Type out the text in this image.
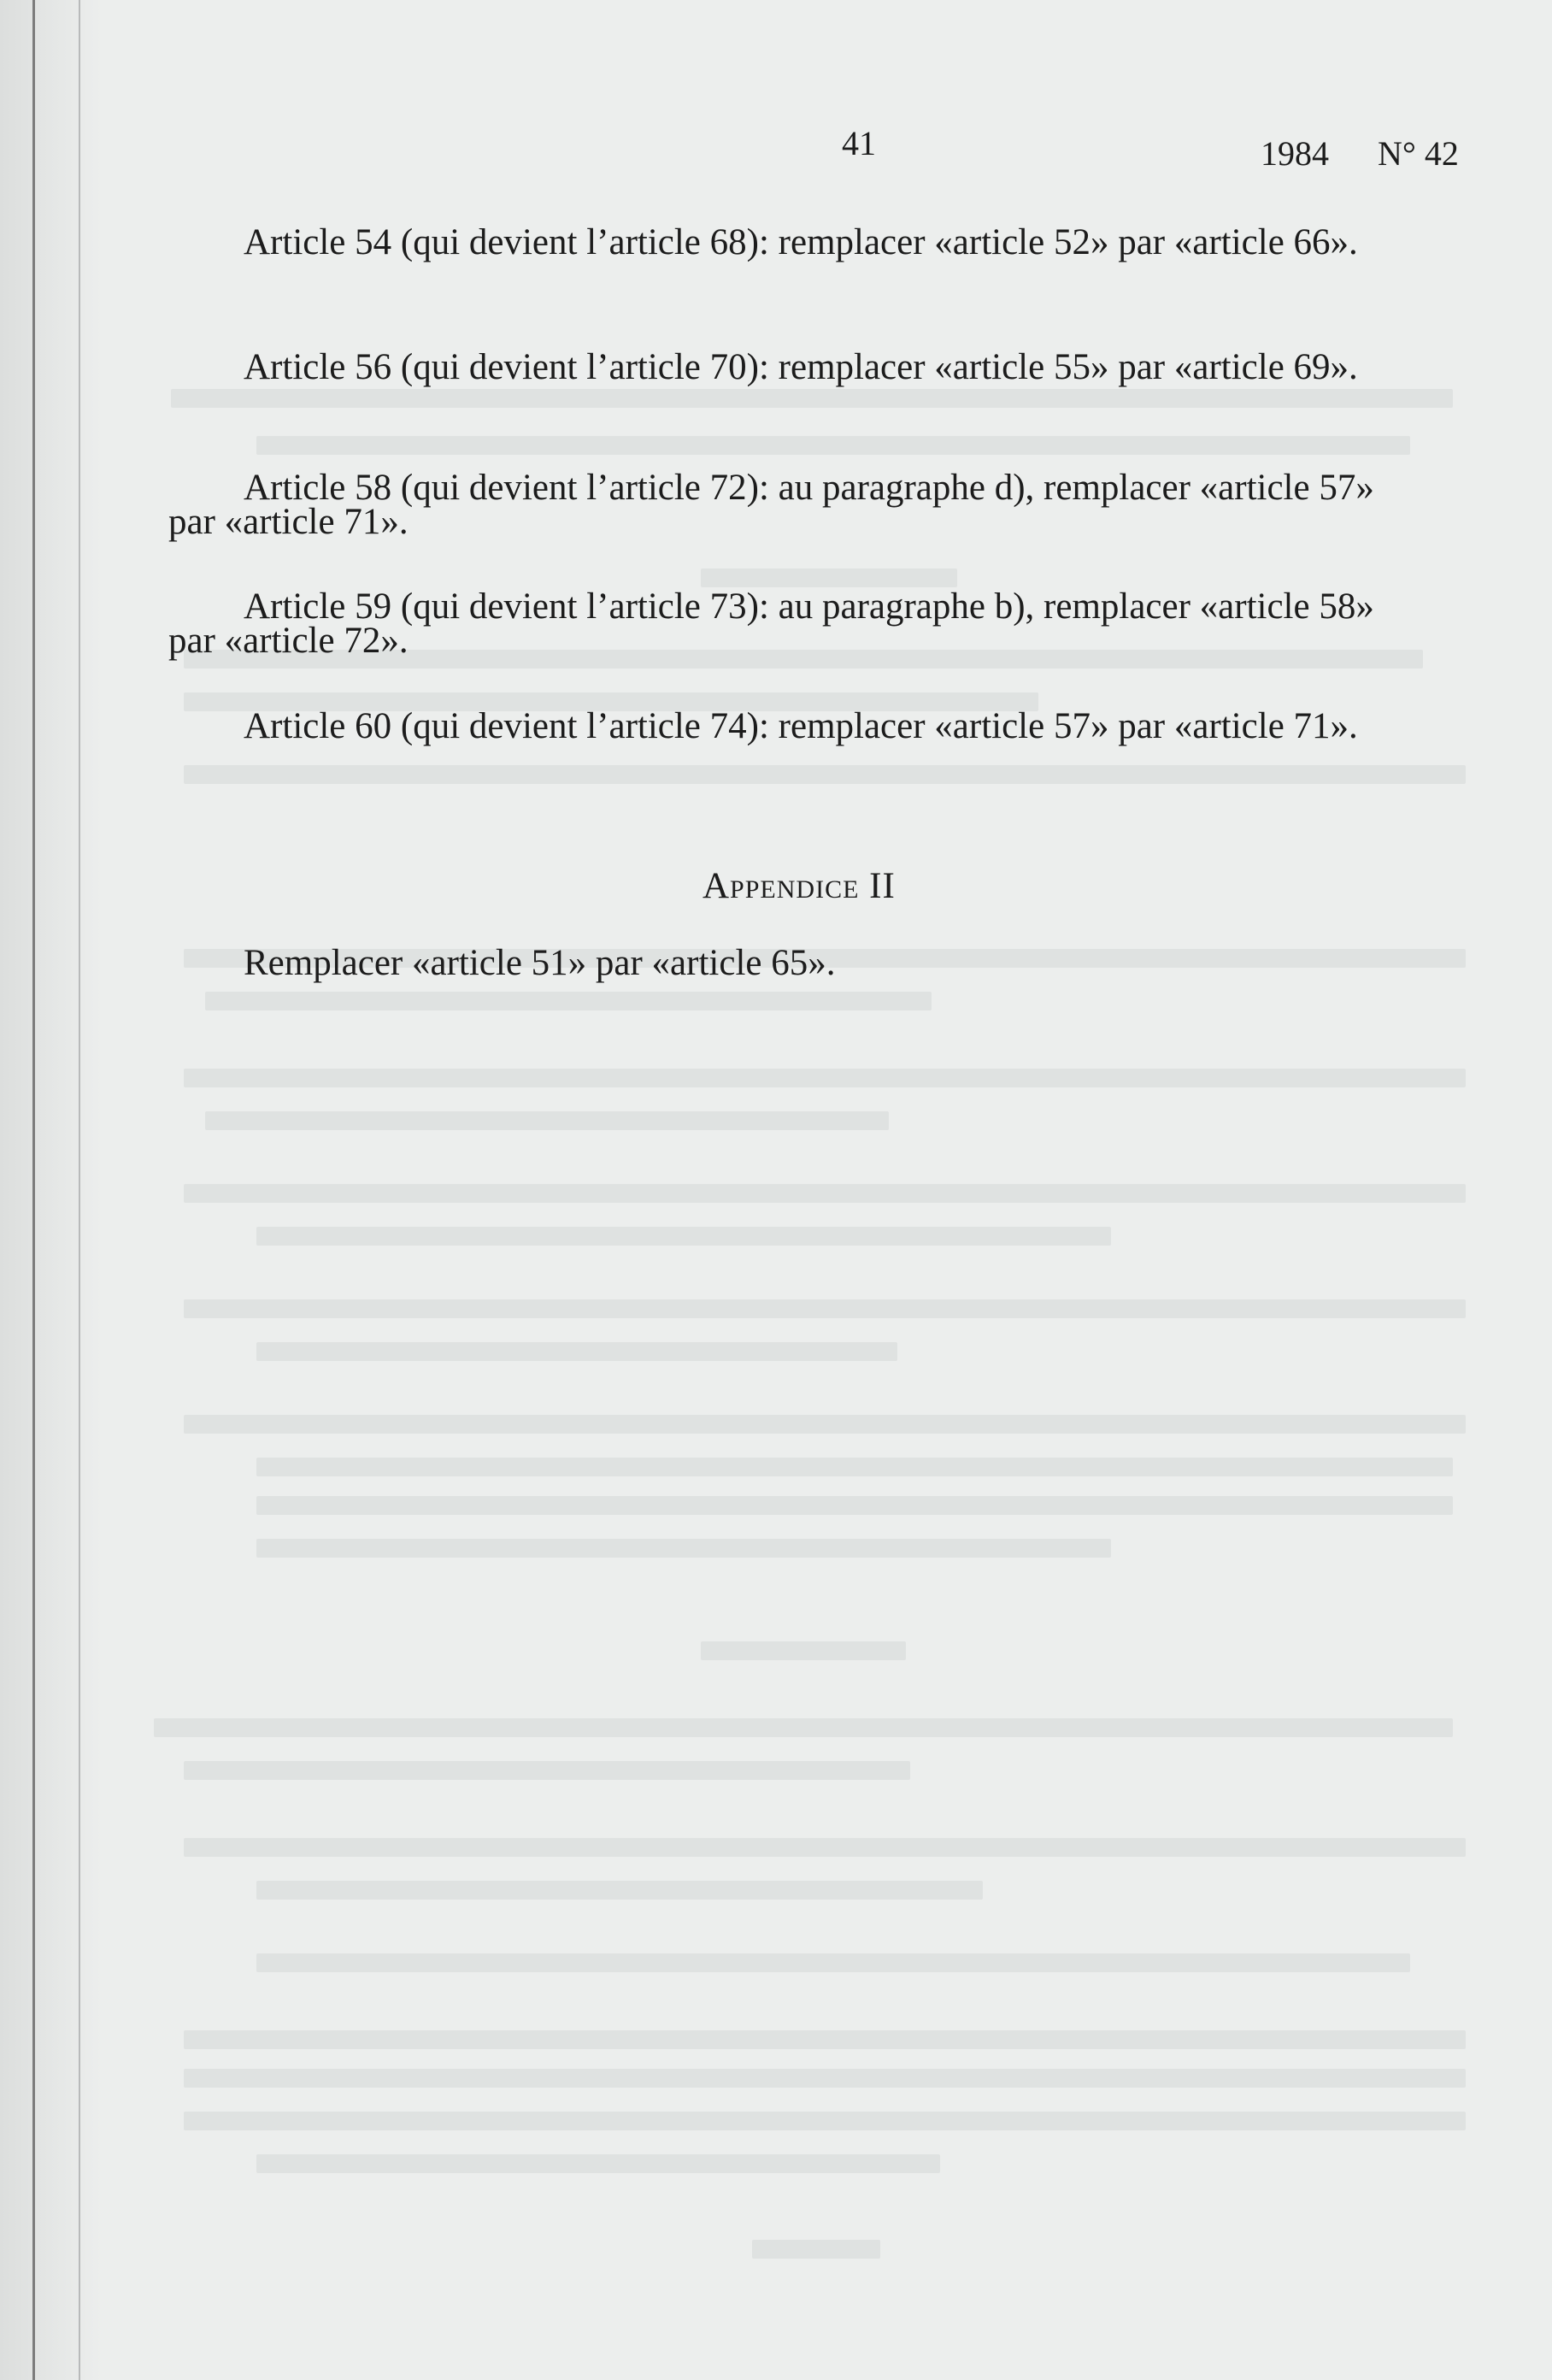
41	1984 N° 42
Article 54 (qui devient l’article 68): remplacer «article 52» par «article 66».
Article 56 (qui devient l’article 70): remplacer «article 55» par «article 69».
Article 58 (qui devient l’article 72): au paragraphe d), remplacer «article 57»
par «article 71».
Article 59 (qui devient l’article 73): au paragraphe b), remplacer «article 58»
par «article 72».
Article 60 (qui devient l’article 74): remplacer «article 57» par «article 71».
Appendice II
Remplacer «article 51» par «article 65».
